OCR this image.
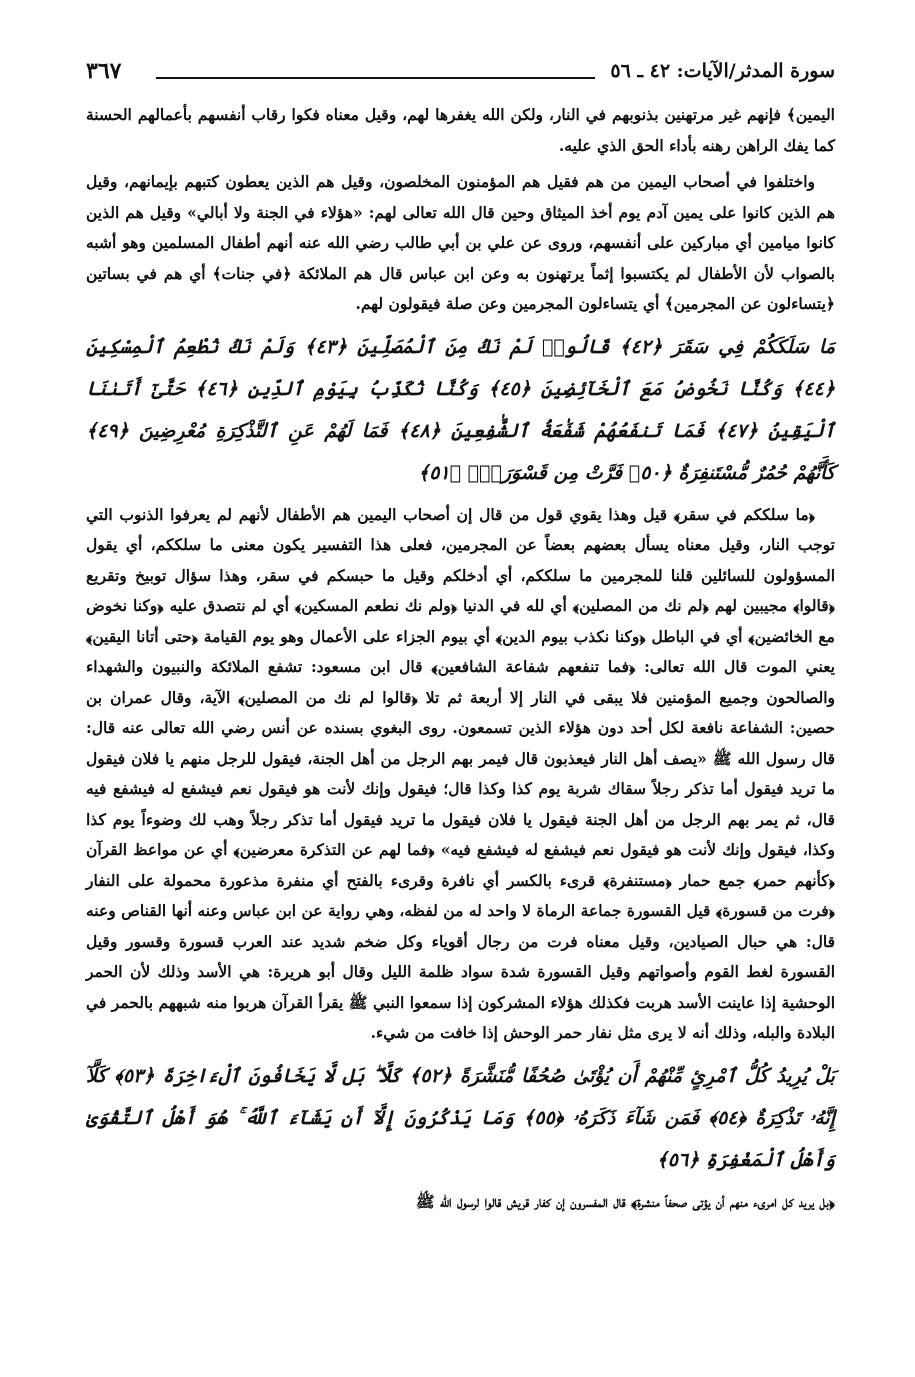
سورة المدثر/الآيات: ٤٢ ـ ٥٦
٣٦٧

اليمين﴾ فإنهم غير مرتهنين بذنوبهم في النار، ولكن الله يغفرها لهم، وقيل معناه فكوا رقاب أنفسهم بأعمالهم الحسنة كما يفك الراهن رهنه بأداء الحق الذي عليه.

واختلفوا في أصحاب اليمين من هم فقيل هم المؤمنون المخلصون، وقيل هم الذين يعطون كتبهم بإيمانهم، وقيل هم الذين كانوا على يمين آدم يوم أخذ الميثاق وحين قال الله تعالى لهم: «هؤلاء في الجنة ولا أبالي» وقيل هم الذين كانوا ميامين أي مباركين على أنفسهم، وروى عن علي بن أبي طالب رضي الله عنه أنهم أطفال المسلمين وهو أشبه بالصواب لأن الأطفال لم يكتسبوا إثماً يرتهنون به وعن ابن عباس قال هم الملائكة ﴿في جنات﴾ أي هم في بساتين ﴿يتساءلون عن المجرمين﴾ أي يتساءلون المجرمين وعن صلة فيقولون لهم.

مَا سَلَكَكُمْ فِي سَقَرَ ﴿٤٢﴾ قَالُوا۟ لَمْ نَكُ مِنَ ٱلْمُصَلِّينَ ﴿٤٣﴾ وَلَمْ نَكُ نُطْعِمُ ٱلْمِسْكِينَ ﴿٤٤﴾ وَكُنَّا نَخُوضُ مَعَ ٱلْخَآئِضِينَ ﴿٤٥﴾ وَكُنَّا نُكَذِّبُ بِيَوْمِ ٱلدِّينِ ﴿٤٦﴾ حَتَّىٰٓ أَتَىٰنَا ٱلْيَقِينُ ﴿٤٧﴾ فَمَا تَنفَعُهُمْ شَفَٰعَةُ ٱلشَّٰفِعِينَ ﴿٤٨﴾ فَمَا لَهُمْ عَنِ ٱلتَّذْكِرَةِ مُعْرِضِينَ ﴿٤٩﴾ كَأَنَّهُمْ حُمُرٌ مُّسْتَنفِرَةٌ ﴿٥٠﴾ فَرَّتْ مِن قَسْوَرَةٍۭ ﴿٥١﴾

﴿ما سلككم في سقر﴾ قيل وهذا يقوي قول من قال إن أصحاب اليمين هم الأطفال لأنهم لم يعرفوا الذنوب التي توجب النار، وقيل معناه يسأل بعضهم بعضاً عن المجرمين، فعلى هذا التفسير يكون معنى ما سلككم، أي يقول المسؤولون للسائلين قلنا للمجرمين ما سلككم، أي أدخلكم وقيل ما حبسكم في سقر، وهذا سؤال توبيخ وتقريع ﴿قالوا﴾ مجيبين لهم ﴿لم نك من المصلين﴾ أي لله في الدنيا ﴿ولم نك نطعم المسكين﴾ أي لم نتصدق عليه ﴿وكنا نخوض مع الخائضين﴾ أي في الباطل ﴿وكنا نكذب بيوم الدين﴾ أي بيوم الجزاء على الأعمال وهو يوم القيامة ﴿حتى أتانا اليقين﴾ يعني الموت قال الله تعالى: ﴿فما تنفعهم شفاعة الشافعين﴾ قال ابن مسعود: تشفع الملائكة والنبيون والشهداء والصالحون وجميع المؤمنين فلا يبقى في النار إلا أربعة ثم تلا ﴿قالوا لم نك من المصلين﴾ الآية، وقال عمران بن حصين: الشفاعة نافعة لكل أحد دون هؤلاء الذين تسمعون. روى البغوي بسنده عن أنس رضي الله تعالى عنه قال: قال رسول الله ﷺ «يصف أهل النار فيعذبون قال فيمر بهم الرجل من أهل الجنة، فيقول للرجل منهم يا فلان فيقول ما تريد فيقول أما تذكر رجلاً سقاك شربة يوم كذا وكذا قال؛ فيقول وإنك لأنت هو فيقول نعم فيشفع له فيشفع فيه قال، ثم يمر بهم الرجل من أهل الجنة فيقول يا فلان فيقول ما تريد فيقول أما تذكر رجلاً وهب لك وضوءاً يوم كذا وكذا، فيقول وإنك لأنت هو فيقول نعم فيشفع له فيشفع فيه» ﴿فما لهم عن التذكرة معرضين﴾ أي عن مواعظ القرآن ﴿كأنهم حمر﴾ جمع حمار ﴿مستنفرة﴾ قرىء بالكسر أي نافرة وقرىء بالفتح أي منفرة مذعورة محمولة على النفار ﴿فرت من قسورة﴾ قيل القسورة جماعة الرماة لا واحد له من لفظه، وهي رواية عن ابن عباس وعنه أنها القناص وعنه قال: هي حبال الصيادين، وقيل معناه فرت من رجال أقوياء وكل ضخم شديد عند العرب قسورة وقسور وقيل القسورة لغط القوم وأصواتهم وقيل القسورة شدة سواد ظلمة الليل وقال أبو هريرة: هي الأسد وذلك لأن الحمر الوحشية إذا عاينت الأسد هربت فكذلك هؤلاء المشركون إذا سمعوا النبي ﷺ يقرأ القرآن هربوا منه شبههم بالحمر في البلادة والبله، وذلك أنه لا يرى مثل نفار حمر الوحش إذا خافت من شيء.

بَلْ يُرِيدُ كُلُّ ٱمْرِئٍ مِّنْهُمْ أَن يُؤْتَىٰ صُحُفًا مُّنَشَّرَةً ﴿٥٢﴾ كَلَّا ۖ بَل لَّا يَخَافُونَ ٱلْءَاخِرَةَ ﴿٥٣﴾ كَلَّآ إِنَّهُۥ تَذْكِرَةٌ ﴿٥٤﴾ فَمَن شَآءَ ذَكَرَهُۥ ﴿٥٥﴾ وَمَا يَذْكُرُونَ إِلَّآ أَن يَشَآءَ ٱللَّهُ ۚ هُوَ أَهْلُ ٱلتَّقْوَىٰ وَأَهْلُ ٱلْمَغْفِرَةِ ﴿٥٦﴾

﴿بل يريد كل امرىء منهم أن يؤتى صحفاً منشرة﴾ قال المفسرون إن كفار قريش قالوا لرسول الله ﷺ
